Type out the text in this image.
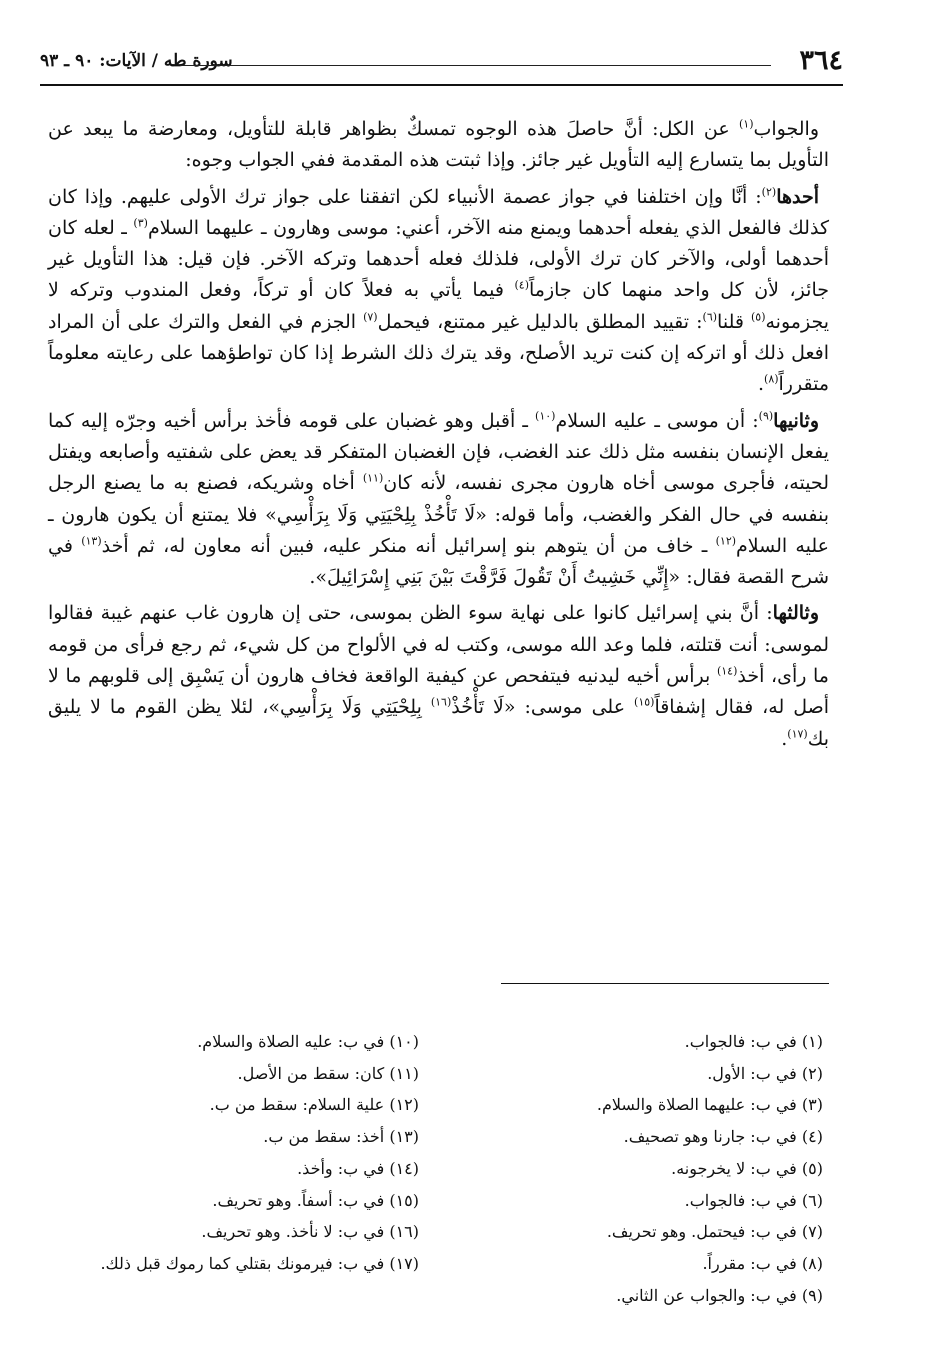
٣٦٤
سورة طه / الآيات: ٩٠ ـ ٩٣

والجواب$^{(١)}$ عن الكل: أنَّ حاصلَ هذه الوجوه تمسكٌ بظواهر قابلة للتأويل، ومعارضة ما يبعد عن التأويل بما يتسارع إليه التأويل غير جائز. وإذا ثبتت هذه المقدمة ففي الجواب وجوه:

أحدها$^{(٢)}$: أنَّا وإن اختلفنا في جواز عصمة الأنبياء لكن اتفقنا على جواز ترك الأولى عليهم. وإذا كان كذلك فالفعل الذي يفعله أحدهما ويمنع منه الآخر، أعني: موسى وهارون ـ عليهما السلام$^{(٣)}$ ـ لعله كان أحدهما أولى، والآخر كان ترك الأولى، فلذلك فعله أحدهما وتركه الآخر. فإن قيل: هذا التأويل غير جائز، لأن كل واحد منهما كان جازماً$^{(٤)}$ فيما يأتي به فعلاً كان أو تركاً، وفعل المندوب وتركه لا يجزمونه$^{(٥)}$ قلنا$^{(٦)}$: تقييد المطلق بالدليل غير ممتنع، فيحمل$^{(٧)}$ الجزم في الفعل والترك على أن المراد افعل ذلك أو اتركه إن كنت تريد الأصلح، وقد يترك ذلك الشرط إذا كان تواطؤهما على رعايته معلوماً متقرراً$^{(٨)}$.

وثانيها$^{(٩)}$: أن موسى ـ عليه السلام$^{(١٠)}$ ـ أقبل وهو غضبان على قومه فأخذ برأس أخيه وجرّه إليه كما يفعل الإنسان بنفسه مثل ذلك عند الغضب، فإن الغضبان المتفكر قد يعض على شفتيه وأصابعه ويفتل لحيته، فأجرى موسى أخاه هارون مجرى نفسه، لأنه كان$^{(١١)}$ أخاه وشريكه، فصنع به ما يصنع الرجل بنفسه في حال الفكر والغضب، وأما قوله: «لَا تَأْخُذْ بِلِحْيَتِي وَلَا بِرَأْسِي» فلا يمتنع أن يكون هارون ـ عليه السلام$^{(١٢)}$ ـ خاف من أن يتوهم بنو إسرائيل أنه منكر عليه، فبين أنه معاون له، ثم أخذ$^{(١٣)}$ في شرح القصة فقال: «إِنِّي خَشِيتُ أَنْ تَقُولَ فَرَّقْتَ بَيْنَ بَنِي إِسْرَائِيلَ».

وثالثها: أنَّ بني إسرائيل كانوا على نهاية سوء الظن بموسى، حتى إن هارون غاب عنهم غيبة فقالوا لموسى: أنت قتلته، فلما وعد الله موسى، وكتب له في الألواح من كل شيء، ثم رجع فرأى من قومه ما رأى، أخذ$^{(١٤)}$ برأس أخيه ليدنيه فيتفحص عن كيفية الواقعة فخاف هارون أن يَسْبِق إلى قلوبهم ما لا أصل له، فقال إشفاقاً$^{(١٥)}$ على موسى: «لَا تَأْخُذْ$^{(١٦)}$ بِلِحْيَتِي وَلَا بِرَأْسِي»، لئلا يظن القوم ما لا يليق بك$^{(١٧)}$.

(١) في ب: فالجواب.
(٢) في ب: الأول.
(٣) في ب: عليهما الصلاة والسلام.
(٤) في ب: جارنا وهو تصحيف.
(٥) في ب: لا يخرجونه.
(٦) في ب: فالجواب.
(٧) في ب: فيحتمل. وهو تحريف.
(٨) في ب: مقرراً.
(٩) في ب: والجواب عن الثاني.
(١٠) في ب: عليه الصلاة والسلام.
(١١) كان: سقط من الأصل.
(١٢) علية السلام: سقط من ب.
(١٣) أخذ: سقط من ب.
(١٤) في ب: وأخذ.
(١٥) في ب: أسفاً. وهو تحريف.
(١٦) في ب: لا نأخذ. وهو تحريف.
(١٧) في ب: فيرمونك بقتلي كما رموك قبل ذلك.
